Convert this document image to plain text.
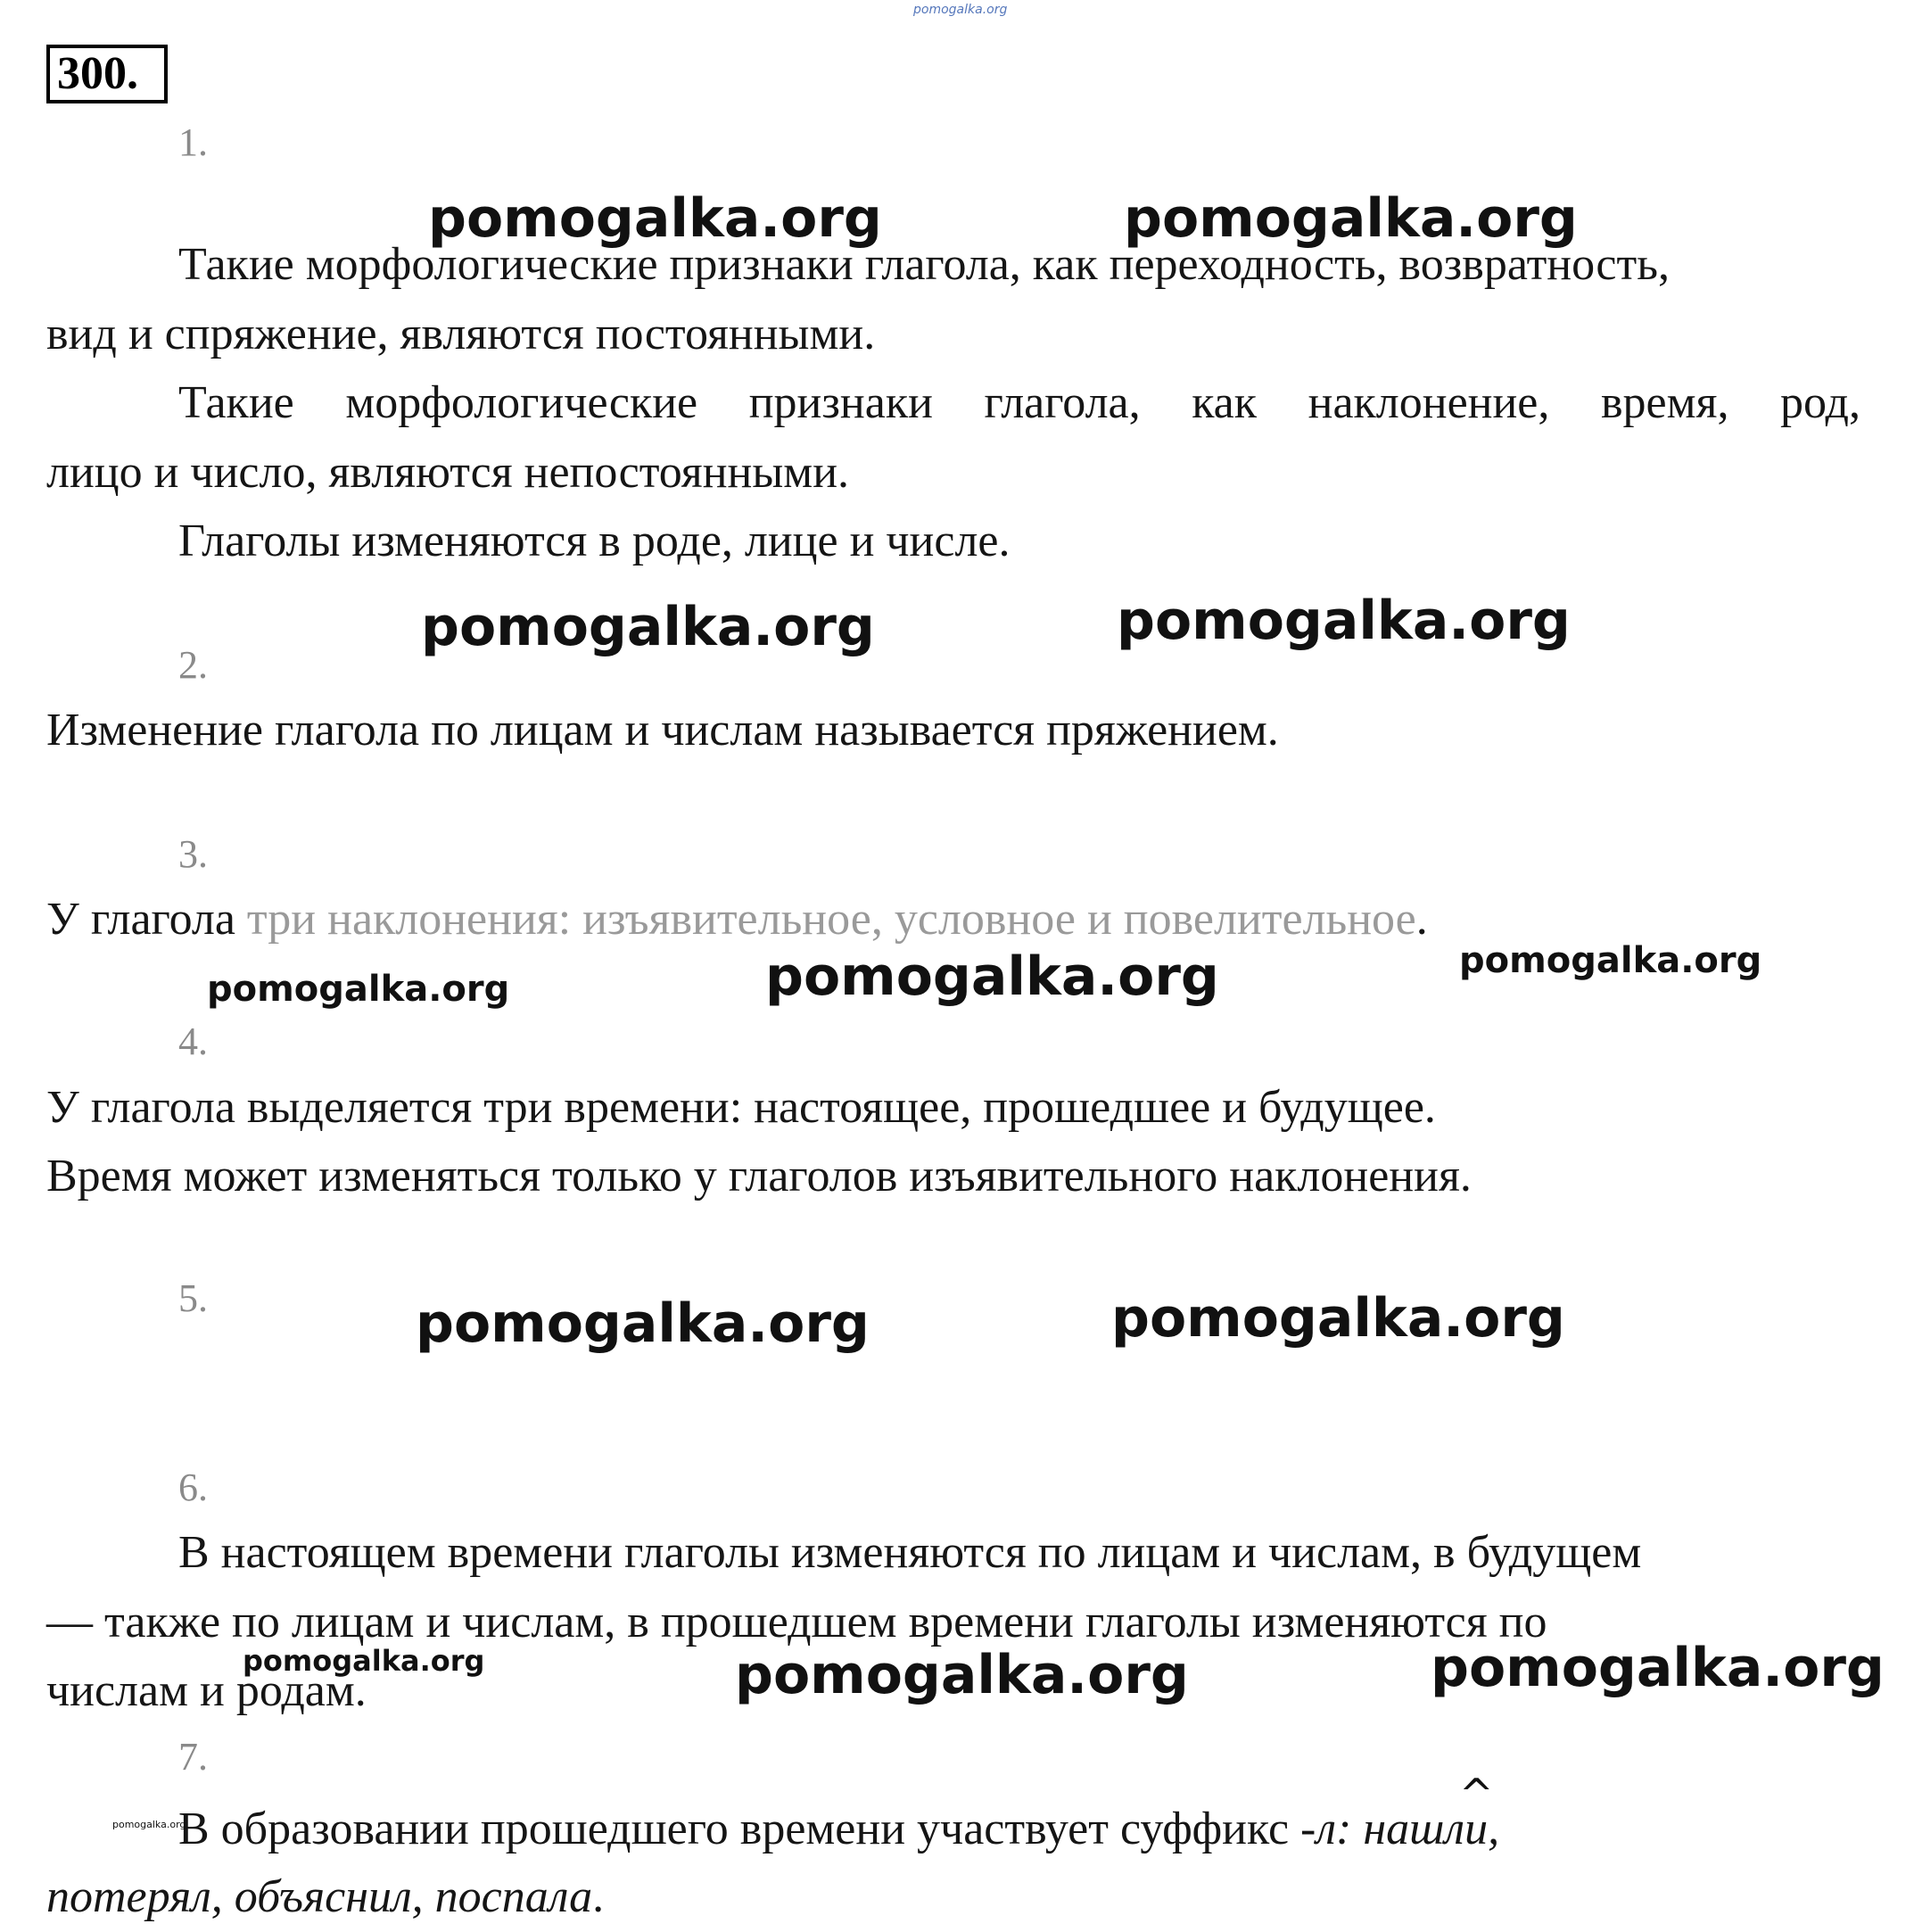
pomogalka.org
300.
1.
Такие морфологические признаки глагола, как переходность, возвратность,
вид и спряжение, являются постоянными.
Такие морфологические признаки глагола, как наклонение, время, род,
лицо и число, являются непостоянными.
Глаголы изменяются в роде, лице и числе.
2.
Изменение глагола по лицам и числам называется пряжением.
3.
У глагола три наклонения: изъявительное, условное и повелительное.
4.
У глагола выделяется три времени: настоящее, прошедшее и будущее.
Время может изменяться только у глаголов изъявительного наклонения.
5.
6.
В настоящем времени глаголы изменяются по лицам и числам, в будущем
— также по лицам и числам, в прошедшем времени глаголы изменяются по
числам и родам.
7.
^
В образовании прошедшего времени участвует суффикс -л: нашли,
потерял, объяснил, поспала.
pomogalka.org	pomogalka.org
pomogalka.org	pomogalka.org
pomogalka.org	pomogalka.org	pomogalka.org
pomogalka.org	pomogalka.org
pomogalka.org	pomogalka.org	pomogalka.org
pomogalka.org
